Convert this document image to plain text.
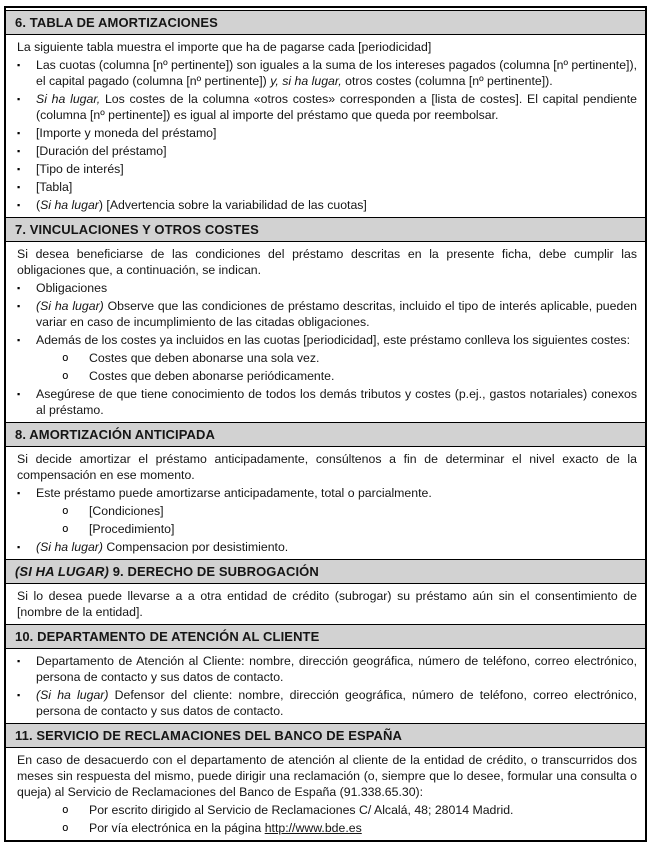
6. TABLA DE AMORTIZACIONES
La siguiente tabla muestra el importe que ha de pagarse cada [periodicidad]
▪	Las cuotas (columna [nº pertinente]) son iguales a la suma de los intereses pagados (columna [nº pertinente]), el capital pagado (columna [nº pertinente]) y, si ha lugar, otros costes (columna [nº pertinente]).
▪	Si ha lugar, Los costes de la columna «otros costes» corresponden a [lista de costes]. El capital pendiente (columna [nº pertinente]) es igual al importe del préstamo que queda por reembolsar.
▪	[Importe y moneda del préstamo]
▪	[Duración del préstamo]
▪	[Tipo de interés]
▪	[Tabla]
▪	(Si ha lugar) [Advertencia sobre la variabilidad de las cuotas]
7. VINCULACIONES Y OTROS COSTES
Si desea beneficiarse de las condiciones del préstamo descritas en la presente ficha, debe cumplir las obligaciones que, a continuación, se indican.
▪	Obligaciones
▪	(Si ha lugar) Observe que las condiciones de préstamo descritas, incluido el tipo de interés aplicable, pueden variar en caso de incumplimiento de las citadas obligaciones.
▪	Además de los costes ya incluidos en las cuotas [periodicidad], este préstamo conlleva los siguientes costes:
o	Costes que deben abonarse una sola vez.
o	Costes que deben abonarse periódicamente.
▪	Asegúrese de que tiene conocimiento de todos los demás tributos y costes (p.ej., gastos notariales) conexos al préstamo.
8. AMORTIZACIÓN ANTICIPADA
Si decide amortizar el préstamo anticipadamente, consúltenos a fin de determinar el nivel exacto de la compensación en ese momento.
▪	Este préstamo puede amortizarse anticipadamente, total o parcialmente.
o	[Condiciones]
o	[Procedimiento]
▪	(Si ha lugar) Compensacion por desistimiento.
(SI HA LUGAR) 9. DERECHO DE SUBROGACIÓN
Si lo desea puede llevarse a a otra entidad de crédito (subrogar) su préstamo aún sin el consentimiento de [nombre de la entidad].
10. DEPARTAMENTO DE ATENCIÓN AL CLIENTE
▪	Departamento de Atención al Cliente: nombre, dirección geográfica, número de teléfono, correo electrónico, persona de contacto y sus datos de contacto.
▪	(Si ha lugar) Defensor del cliente: nombre, dirección geográfica, número de teléfono, correo electrónico, persona de contacto y sus datos de contacto.
11. SERVICIO DE RECLAMACIONES DEL BANCO DE ESPAÑA
En caso de desacuerdo con el departamento de atención al cliente de la entidad de crédito, o transcurridos dos meses sin respuesta del mismo, puede dirigir una reclamación (o, siempre que lo desee, formular una consulta o queja) al Servicio de Reclamaciones del Banco de España (91.338.65.30):
o	Por escrito dirigido al Servicio de Reclamaciones C/ Alcalá, 48; 28014 Madrid.
o	Por vía electrónica en la página http://www.bde.es
